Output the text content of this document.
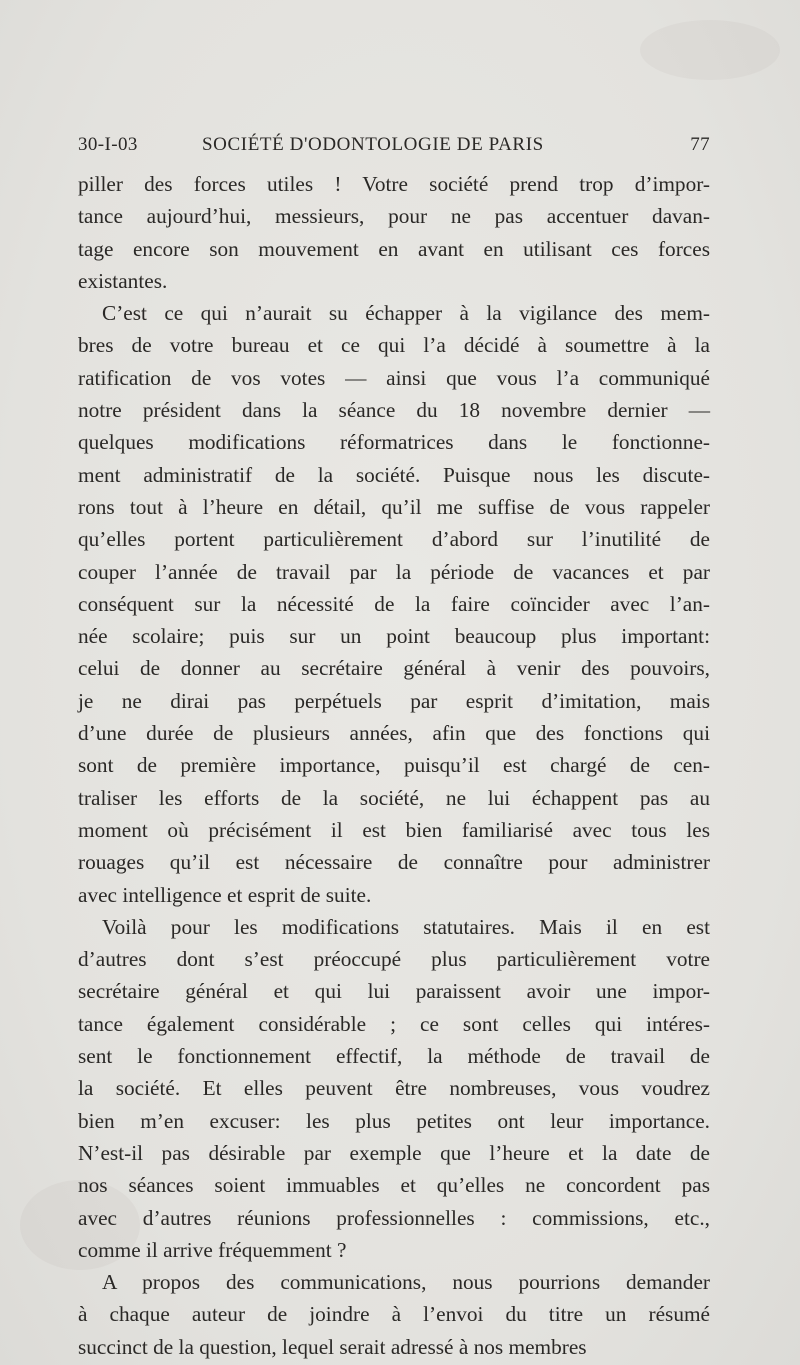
30-I-03	SOCIÉTÉ D'ODONTOLOGIE DE PARIS	77
piller des forces utiles ! Votre société prend trop d’impor-
tance aujourd’hui, messieurs, pour ne pas accentuer davan-
tage encore son mouvement en avant en utilisant ces forces
existantes.
C’est ce qui n’aurait su échapper à la vigilance des mem-
bres de votre bureau et ce qui l’a décidé à soumettre à la
ratification de vos votes — ainsi que vous l’a communiqué
notre président dans la séance du 18 novembre dernier —
quelques modifications réformatrices dans le fonctionne-
ment administratif de la société. Puisque nous les discute-
rons tout à l’heure en détail, qu’il me suffise de vous rappeler
qu’elles portent particulièrement d’abord sur l’inutilité de
couper l’année de travail par la période de vacances et par
conséquent sur la nécessité de la faire coïncider avec l’an-
née scolaire; puis sur un point beaucoup plus important:
celui de donner au secrétaire général à venir des pouvoirs,
je ne dirai pas perpétuels par esprit d’imitation, mais
d’une durée de plusieurs années, afin que des fonctions qui
sont de première importance, puisqu’il est chargé de cen-
traliser les efforts de la société, ne lui échappent pas au
moment où précisément il est bien familiarisé avec tous les
rouages qu’il est nécessaire de connaître pour administrer
avec intelligence et esprit de suite.
Voilà pour les modifications statutaires. Mais il en est
d’autres dont s’est préoccupé plus particulièrement votre
secrétaire général et qui lui paraissent avoir une impor-
tance également considérable ; ce sont celles qui intéres-
sent le fonctionnement effectif, la méthode de travail de
la société. Et elles peuvent être nombreuses, vous voudrez
bien m’en excuser: les plus petites ont leur importance.
N’est-il pas désirable par exemple que l’heure et la date de
nos séances soient immuables et qu’elles ne concordent pas
avec d’autres réunions professionnelles : commissions, etc.,
comme il arrive fréquemment ?
A propos des communications, nous pourrions demander
à chaque auteur de joindre à l’envoi du titre un résumé
succinct de la question, lequel serait adressé à nos membres
